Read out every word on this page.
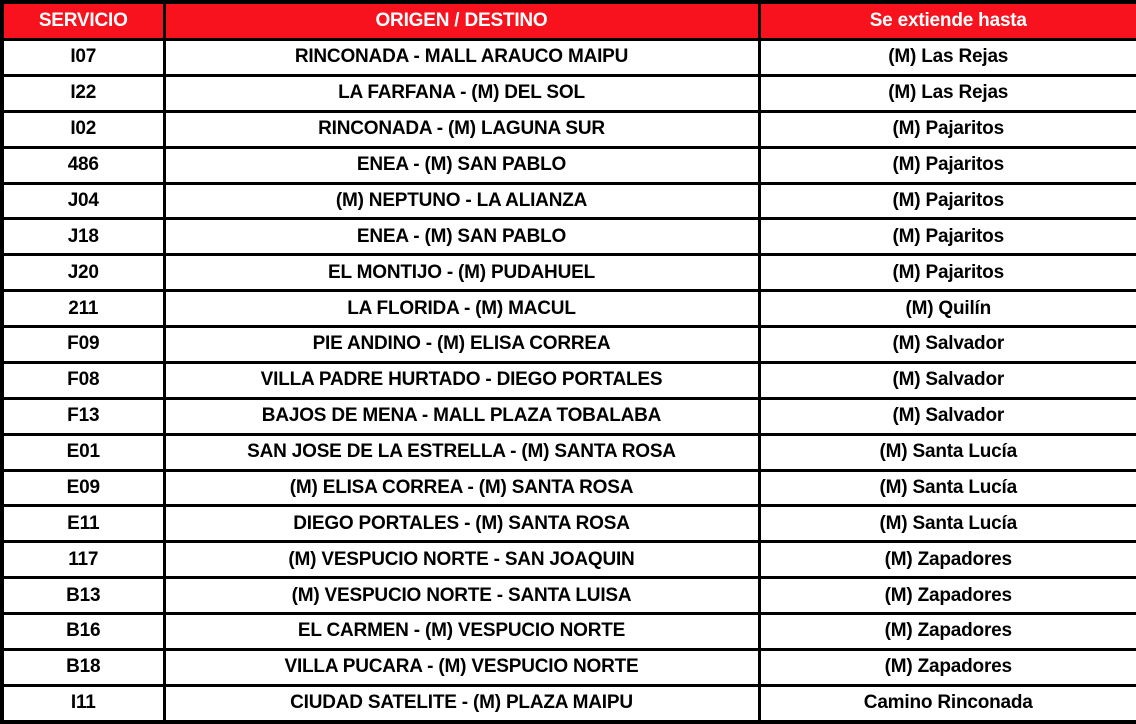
SERVICIO	ORIGEN / DESTINO	Se extiende hasta
I07	RINCONADA - MALL ARAUCO MAIPU	(M) Las Rejas
I22	LA FARFANA - (M) DEL SOL	(M) Las Rejas
I02	RINCONADA - (M) LAGUNA SUR	(M) Pajaritos
486	ENEA - (M) SAN PABLO	(M) Pajaritos
J04	(M) NEPTUNO - LA ALIANZA	(M) Pajaritos
J18	ENEA - (M) SAN PABLO	(M) Pajaritos
J20	EL MONTIJO - (M) PUDAHUEL	(M) Pajaritos
211	LA FLORIDA - (M) MACUL	(M) Quilín
F09	PIE ANDINO - (M) ELISA CORREA	(M) Salvador
F08	VILLA PADRE HURTADO - DIEGO PORTALES	(M) Salvador
F13	BAJOS DE MENA - MALL PLAZA TOBALABA	(M) Salvador
E01	SAN JOSE DE LA ESTRELLA - (M) SANTA ROSA	(M) Santa Lucía
E09	(M) ELISA CORREA - (M) SANTA ROSA	(M) Santa Lucía
E11	DIEGO PORTALES - (M) SANTA ROSA	(M) Santa Lucía
117	(M) VESPUCIO NORTE - SAN JOAQUIN	(M) Zapadores
B13	(M) VESPUCIO NORTE - SANTA LUISA	(M) Zapadores
B16	EL CARMEN - (M) VESPUCIO NORTE	(M) Zapadores
B18	VILLA PUCARA - (M) VESPUCIO NORTE	(M) Zapadores
I11	CIUDAD SATELITE - (M) PLAZA MAIPU	Camino Rinconada
